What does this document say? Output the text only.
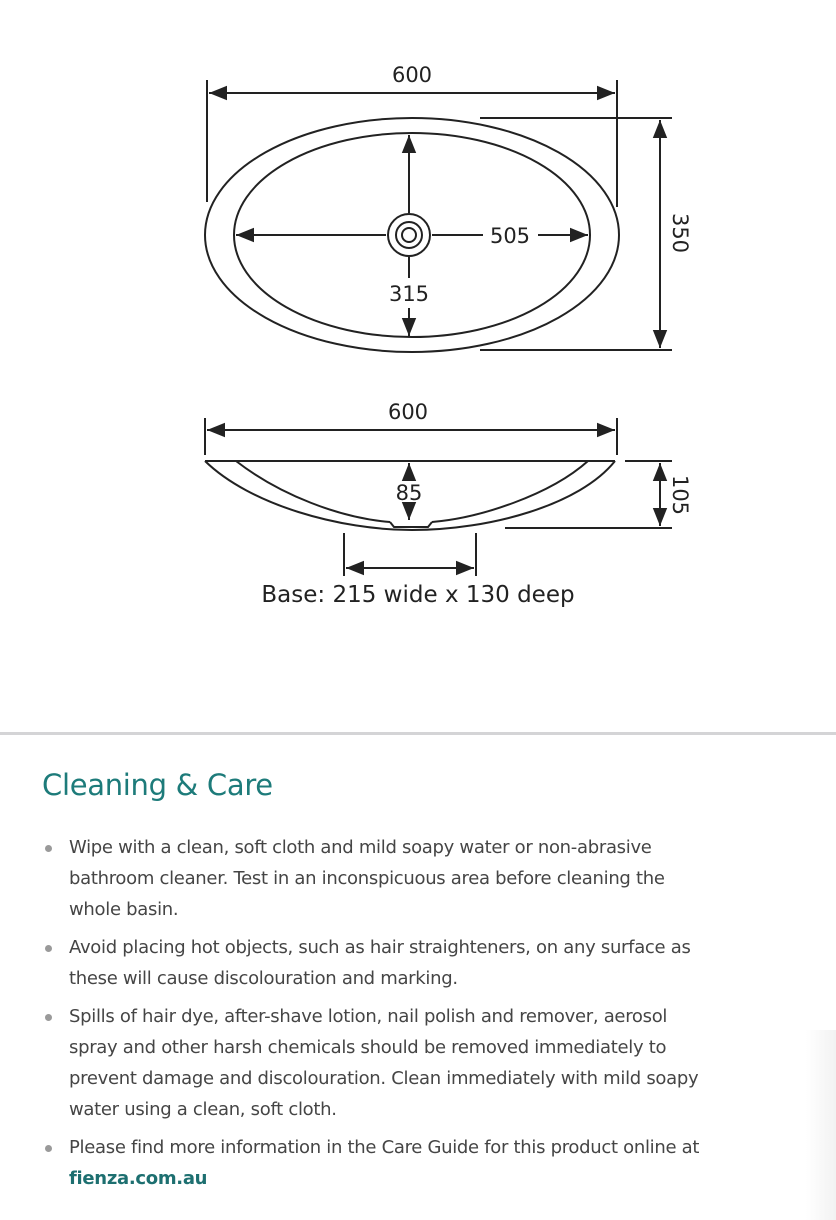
600
505
315
350
600
85	105
Base: 215 wide x 130 deep
Cleaning & Care
Wipe with a clean, soft cloth and mild soapy water or non-abrasive bathroom cleaner. Test in an inconspicuous area before cleaning the whole basin.
Avoid placing hot objects, such as hair straighteners, on any surface as these will cause discolouration and marking.
Spills of hair dye, after-shave lotion, nail polish and remover, aerosol spray and other harsh chemicals should be removed immediately to prevent damage and discolouration. Clean immediately with mild soapy water using a clean, soft cloth.
Please find more information in the Care Guide for this product online at fienza.com.au
